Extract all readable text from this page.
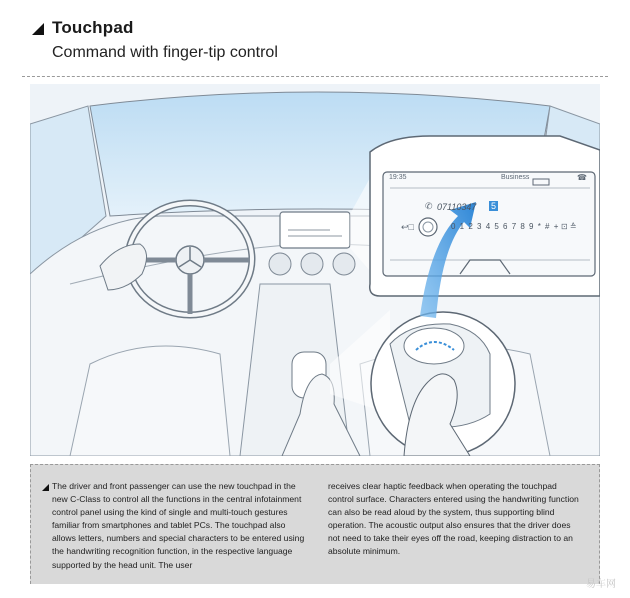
Touchpad
Command with finger-tip control
19:35	Business	☎
✆ 07110347 5
↩□	0 1 2 3 4 5 6 7 8 9 * # + ⊡ ≙

The driver and front passenger can use the new touchpad in the new C-Class to control all the functions in the central infotainment control panel using the kind of single and multi-touch gestures familiar from smartphones and tablet PCs. The touchpad also allows letters, numbers and special characters to be entered using the handwriting recognition function, in the respective language supported by the head unit. The user

receives clear haptic feedback when operating the touchpad control surface. Characters entered using the handwriting function can also be read aloud by the system, thus supporting blind operation. The acoustic output also ensures that the driver does not need to take their eyes off the road, keeping distraction to an absolute minimum.

易车网
